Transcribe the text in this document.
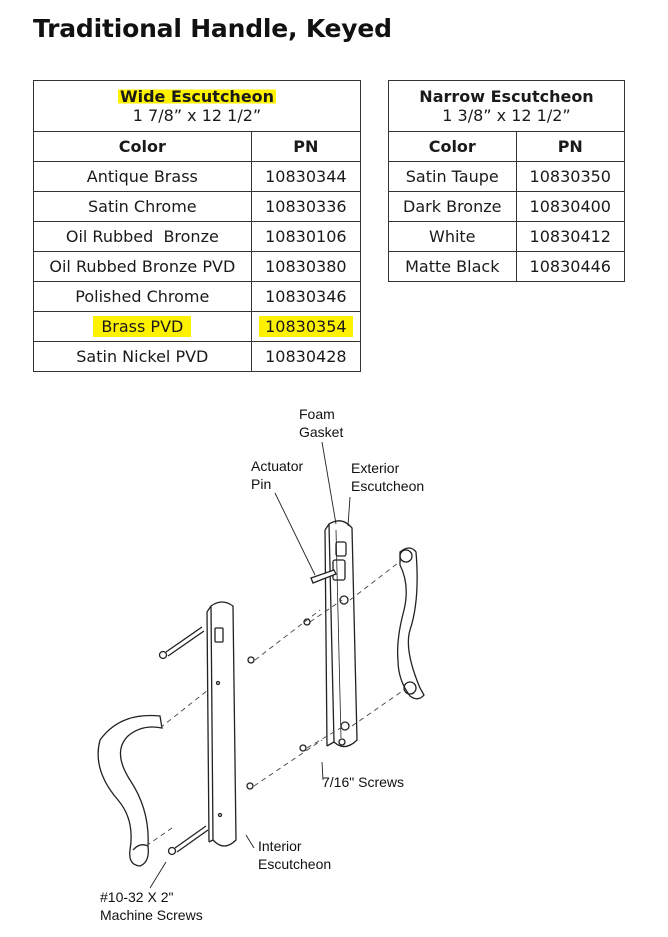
Traditional Handle, Keyed
Wide Escutcheon
1 7/8” x 12 1/2”	
Color	PN
Antique Brass	10830344
Satin Chrome	10830336
Oil Rubbed  Bronze	10830106
Oil Rubbed Bronze PVD	10830380
Polished Chrome	10830346
Brass PVD	10830354
Satin Nickel PVD	10830428
Narrow Escutcheon
1 3/8” x 12 1/2”	
Color	PN
Satin Taupe	10830350
Dark Bronze	10830400
White	10830412
Matte Black	10830446
Foam
Gasket
Actuator
Pin
Exterior
Escutcheon
7/16" Screws
Interior
Escutcheon
#10-32 X 2"
Machine Screws
